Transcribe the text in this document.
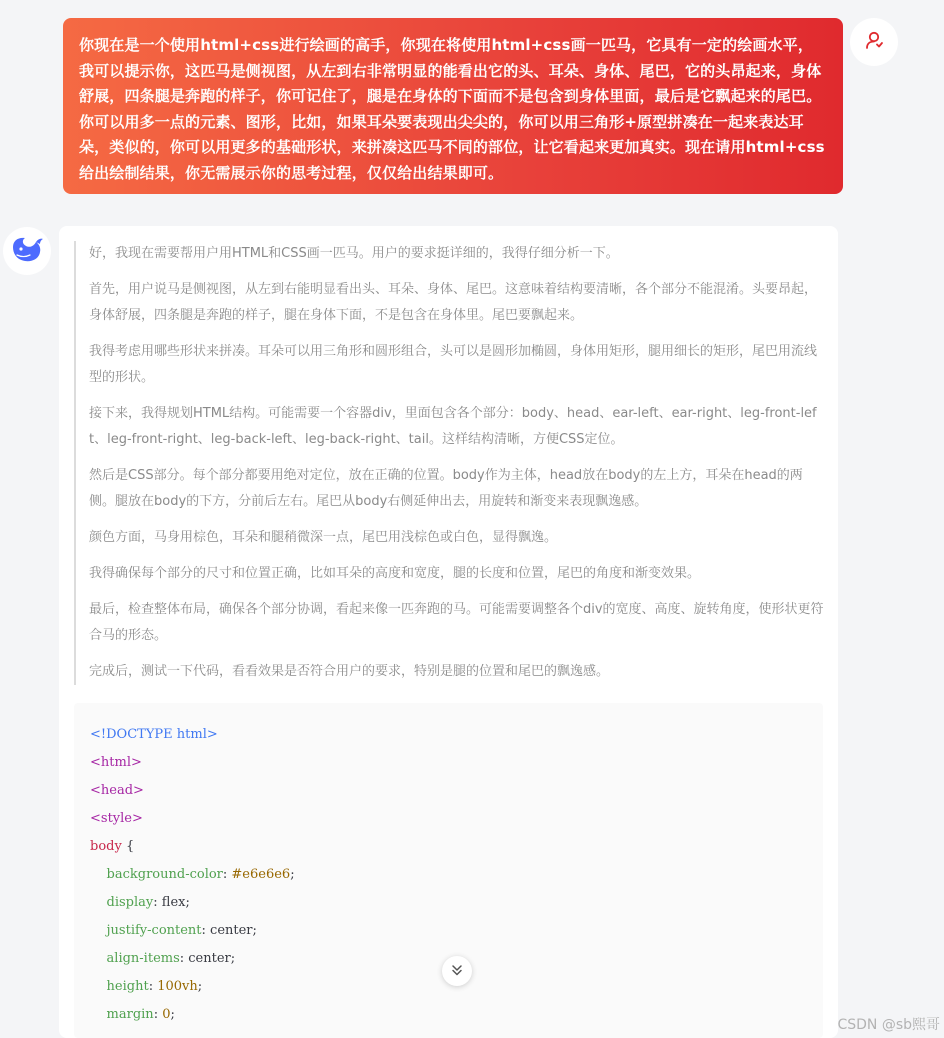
你现在是一个使用html+css进行绘画的高手，你现在将使用html+css画一匹马，它具有一定的绘画水平，我可以提示你，这匹马是侧视图，从左到右非常明显的能看出它的头、耳朵、身体、尾巴，它的头昂起来，身体舒展，四条腿是奔跑的样子，你可记住了，腿是在身体的下面而不是包含到身体里面，最后是它飘起来的尾巴。你可以用多一点的元素、图形，比如，如果耳朵要表现出尖尖的，你可以用三角形+原型拼凑在一起来表达耳朵，类似的，你可以用更多的基础形状，来拼凑这匹马不同的部位，让它看起来更加真实。现在请用html+css给出绘制结果，你无需展示你的思考过程，仅仅给出结果即可。

好，我现在需要帮用户用HTML和CSS画一匹马。用户的要求挺详细的，我得仔细分析一下。

首先，用户说马是侧视图，从左到右能明显看出头、耳朵、身体、尾巴。这意味着结构要清晰，各个部分不能混淆。头要昂起，身体舒展，四条腿是奔跑的样子，腿在身体下面，不是包含在身体里。尾巴要飘起来。

我得考虑用哪些形状来拼凑。耳朵可以用三角形和圆形组合，头可以是圆形加椭圆，身体用矩形，腿用细长的矩形，尾巴用流线型的形状。

接下来，我得规划HTML结构。可能需要一个容器div，里面包含各个部分：body、head、ear-left、ear-right、leg-front-left、leg-front-right、leg-back-left、leg-back-right、tail。这样结构清晰，方便CSS定位。

然后是CSS部分。每个部分都要用绝对定位，放在正确的位置。body作为主体，head放在body的左上方，耳朵在head的两侧。腿放在body的下方，分前后左右。尾巴从body右侧延伸出去，用旋转和渐变来表现飘逸感。

颜色方面，马身用棕色，耳朵和腿稍微深一点，尾巴用浅棕色或白色，显得飘逸。

我得确保每个部分的尺寸和位置正确，比如耳朵的高度和宽度，腿的长度和位置，尾巴的角度和渐变效果。

最后，检查整体布局，确保各个部分协调，看起来像一匹奔跑的马。可能需要调整各个div的宽度、高度、旋转角度，使形状更符合马的形态。

完成后，测试一下代码，看看效果是否符合用户的要求，特别是腿的位置和尾巴的飘逸感。

<!DOCTYPE html>
<html>
<head>
<style>
body {
background-color: #e6e6e6;
display: flex;
justify-content: center;
align-items: center;
height: 100vh;
margin: 0;
CSDN @sb熙哥
